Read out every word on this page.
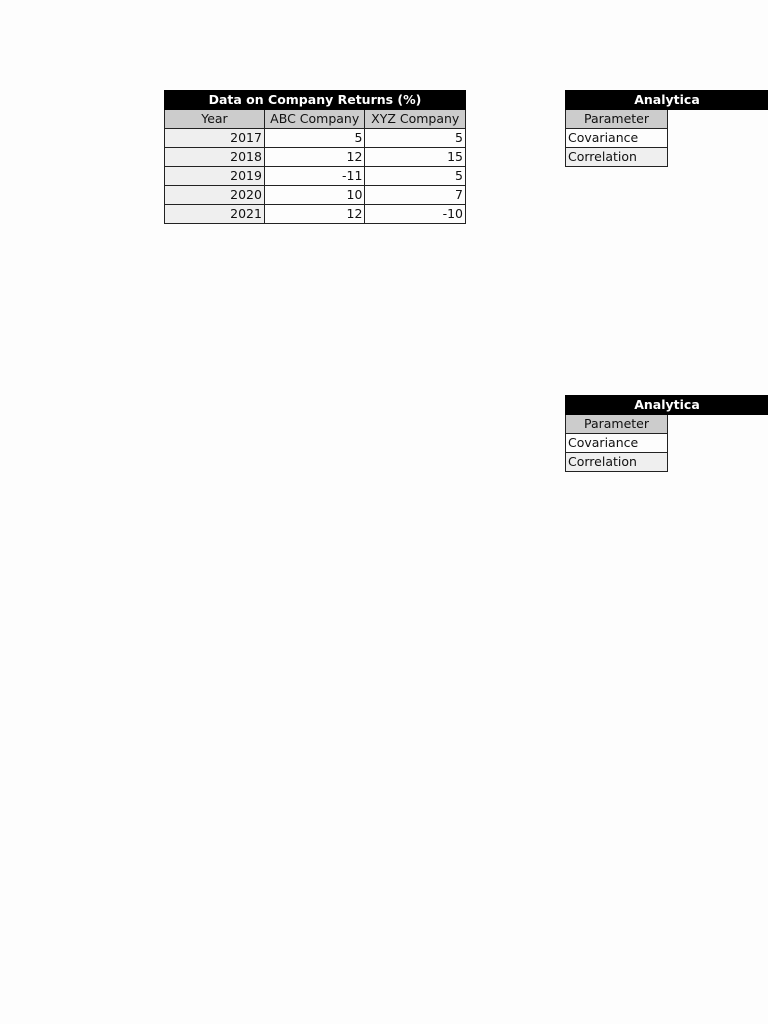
Data on Company Returns (%)		
Year	ABC Company	XYZ Company
2017	5	5
2018	12	15
2019	-11	5
2020	10	7
2021	12	-10
Analytica	
Parameter	
Covariance	
Correlation	
Analytica	
Parameter	
Covariance	
Correlation	
